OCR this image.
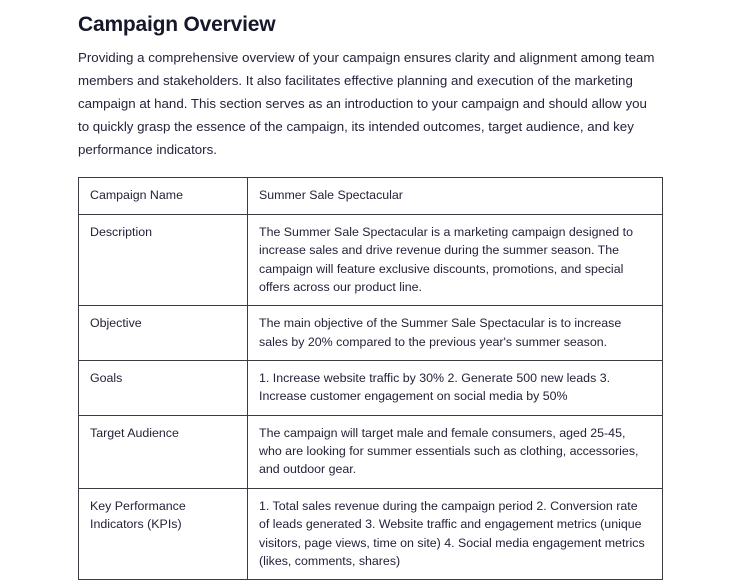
Campaign Overview

Providing a comprehensive overview of your campaign ensures clarity and alignment among team members and stakeholders. It also facilitates effective planning and execution of the marketing campaign at hand. This section serves as an introduction to your campaign and should allow you to quickly grasp the essence of the campaign, its intended outcomes, target audience, and key performance indicators.

Campaign Name	Summer Sale Spectacular
Description	The Summer Sale Spectacular is a marketing campaign designed to increase sales and drive revenue during the summer season. The campaign will feature exclusive discounts, promotions, and special offers across our product line.
Objective	The main objective of the Summer Sale Spectacular is to increase sales by 20% compared to the previous year's summer season.
Goals	1. Increase website traffic by 30% 2. Generate 500 new leads 3. Increase customer engagement on social media by 50%
Target Audience	The campaign will target male and female consumers, aged 25-45, who are looking for summer essentials such as clothing, accessories, and outdoor gear.
Key Performance Indicators (KPIs)	1. Total sales revenue during the campaign period 2. Conversion rate of leads generated 3. Website traffic and engagement metrics (unique visitors, page views, time on site) 4. Social media engagement metrics (likes, comments, shares)
